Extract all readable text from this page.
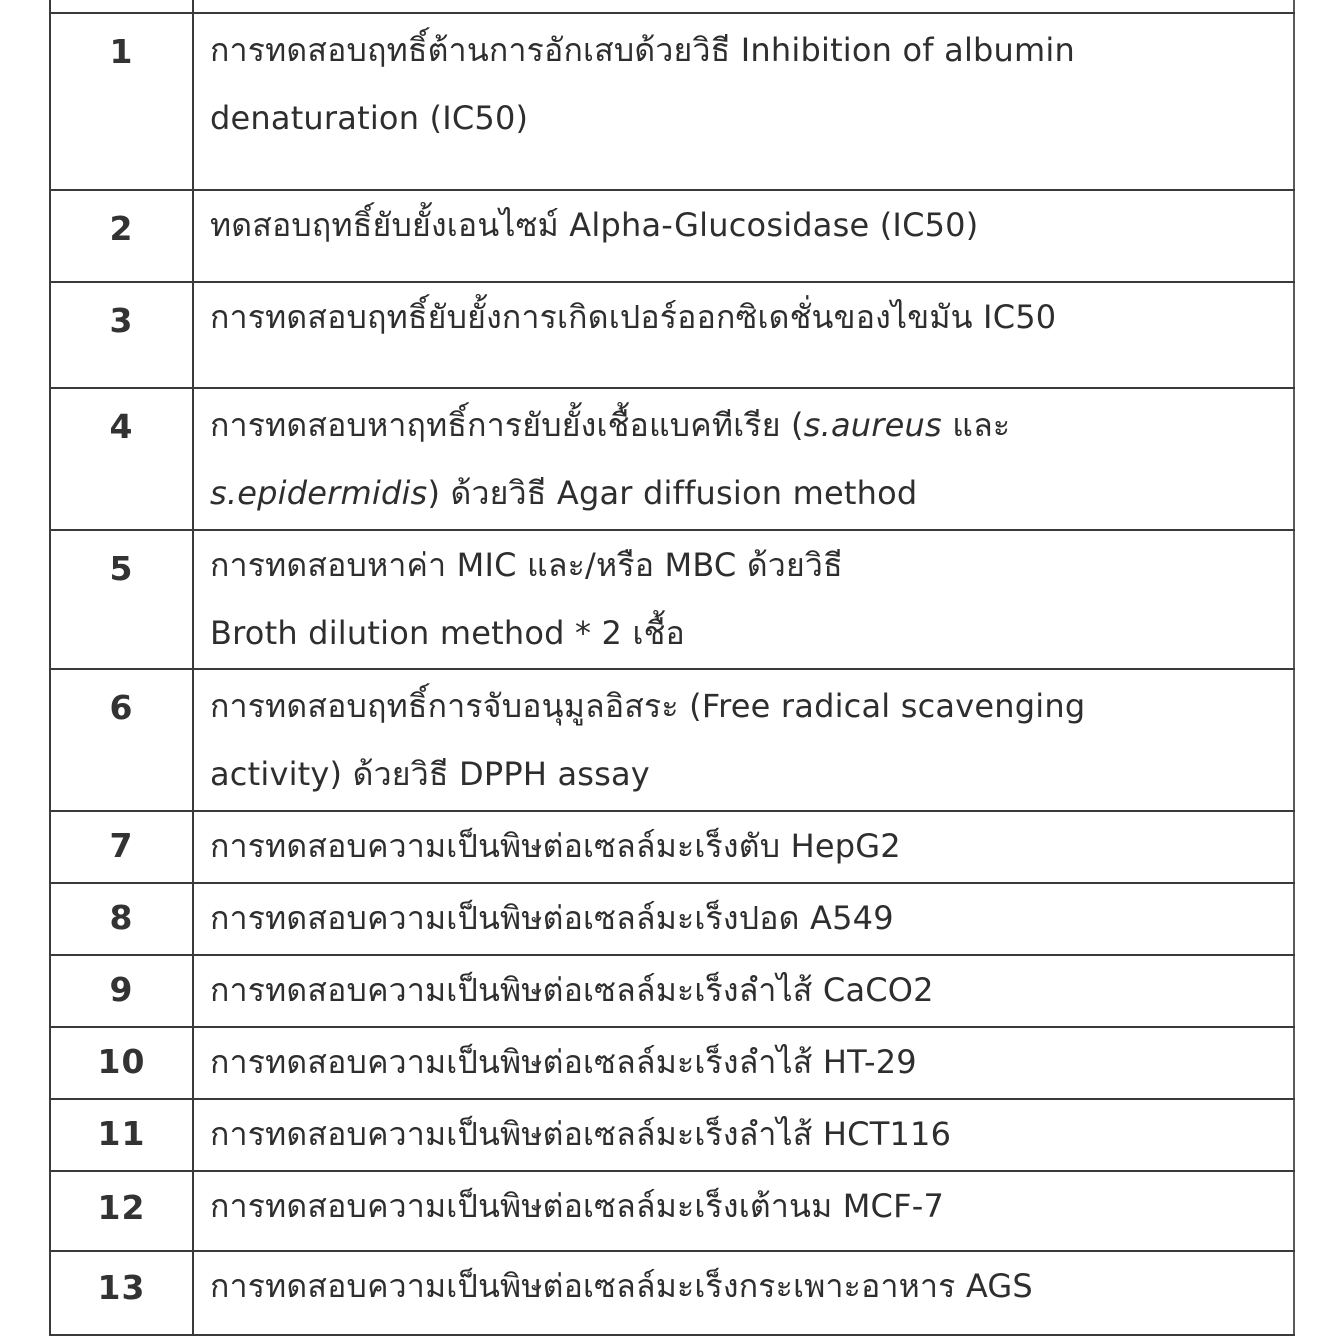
1	การทดสอบฤทธิ์ต้านการอักเสบด้วยวิธี Inhibition of albumin
denaturation (IC50)

2	ทดสอบฤทธิ์ยับยั้งเอนไซม์ Alpha-Glucosidase (IC50)

3	การทดสอบฤทธิ์ยับยั้งการเกิดเปอร์ออกซิเดชั่นของไขมัน IC50

4	การทดสอบหาฤทธิ์การยับยั้งเชื้อแบคทีเรีย (s.aureus และ
s.epidermidis) ด้วยวิธี Agar diffusion method

5	การทดสอบหาค่า MIC และ/หรือ MBC ด้วยวิธี
Broth dilution method * 2 เชื้อ

6	การทดสอบฤทธิ์การจับอนุมูลอิสระ (Free radical scavenging
activity) ด้วยวิธี DPPH assay

7	การทดสอบความเป็นพิษต่อเซลล์มะเร็งตับ HepG2

8	การทดสอบความเป็นพิษต่อเซลล์มะเร็งปอด A549

9	การทดสอบความเป็นพิษต่อเซลล์มะเร็งลำไส้ CaCO2

10	การทดสอบความเป็นพิษต่อเซลล์มะเร็งลำไส้ HT-29

11	การทดสอบความเป็นพิษต่อเซลล์มะเร็งลำไส้ HCT116

12	การทดสอบความเป็นพิษต่อเซลล์มะเร็งเต้านม MCF-7

13	การทดสอบความเป็นพิษต่อเซลล์มะเร็งกระเพาะอาหาร AGS
